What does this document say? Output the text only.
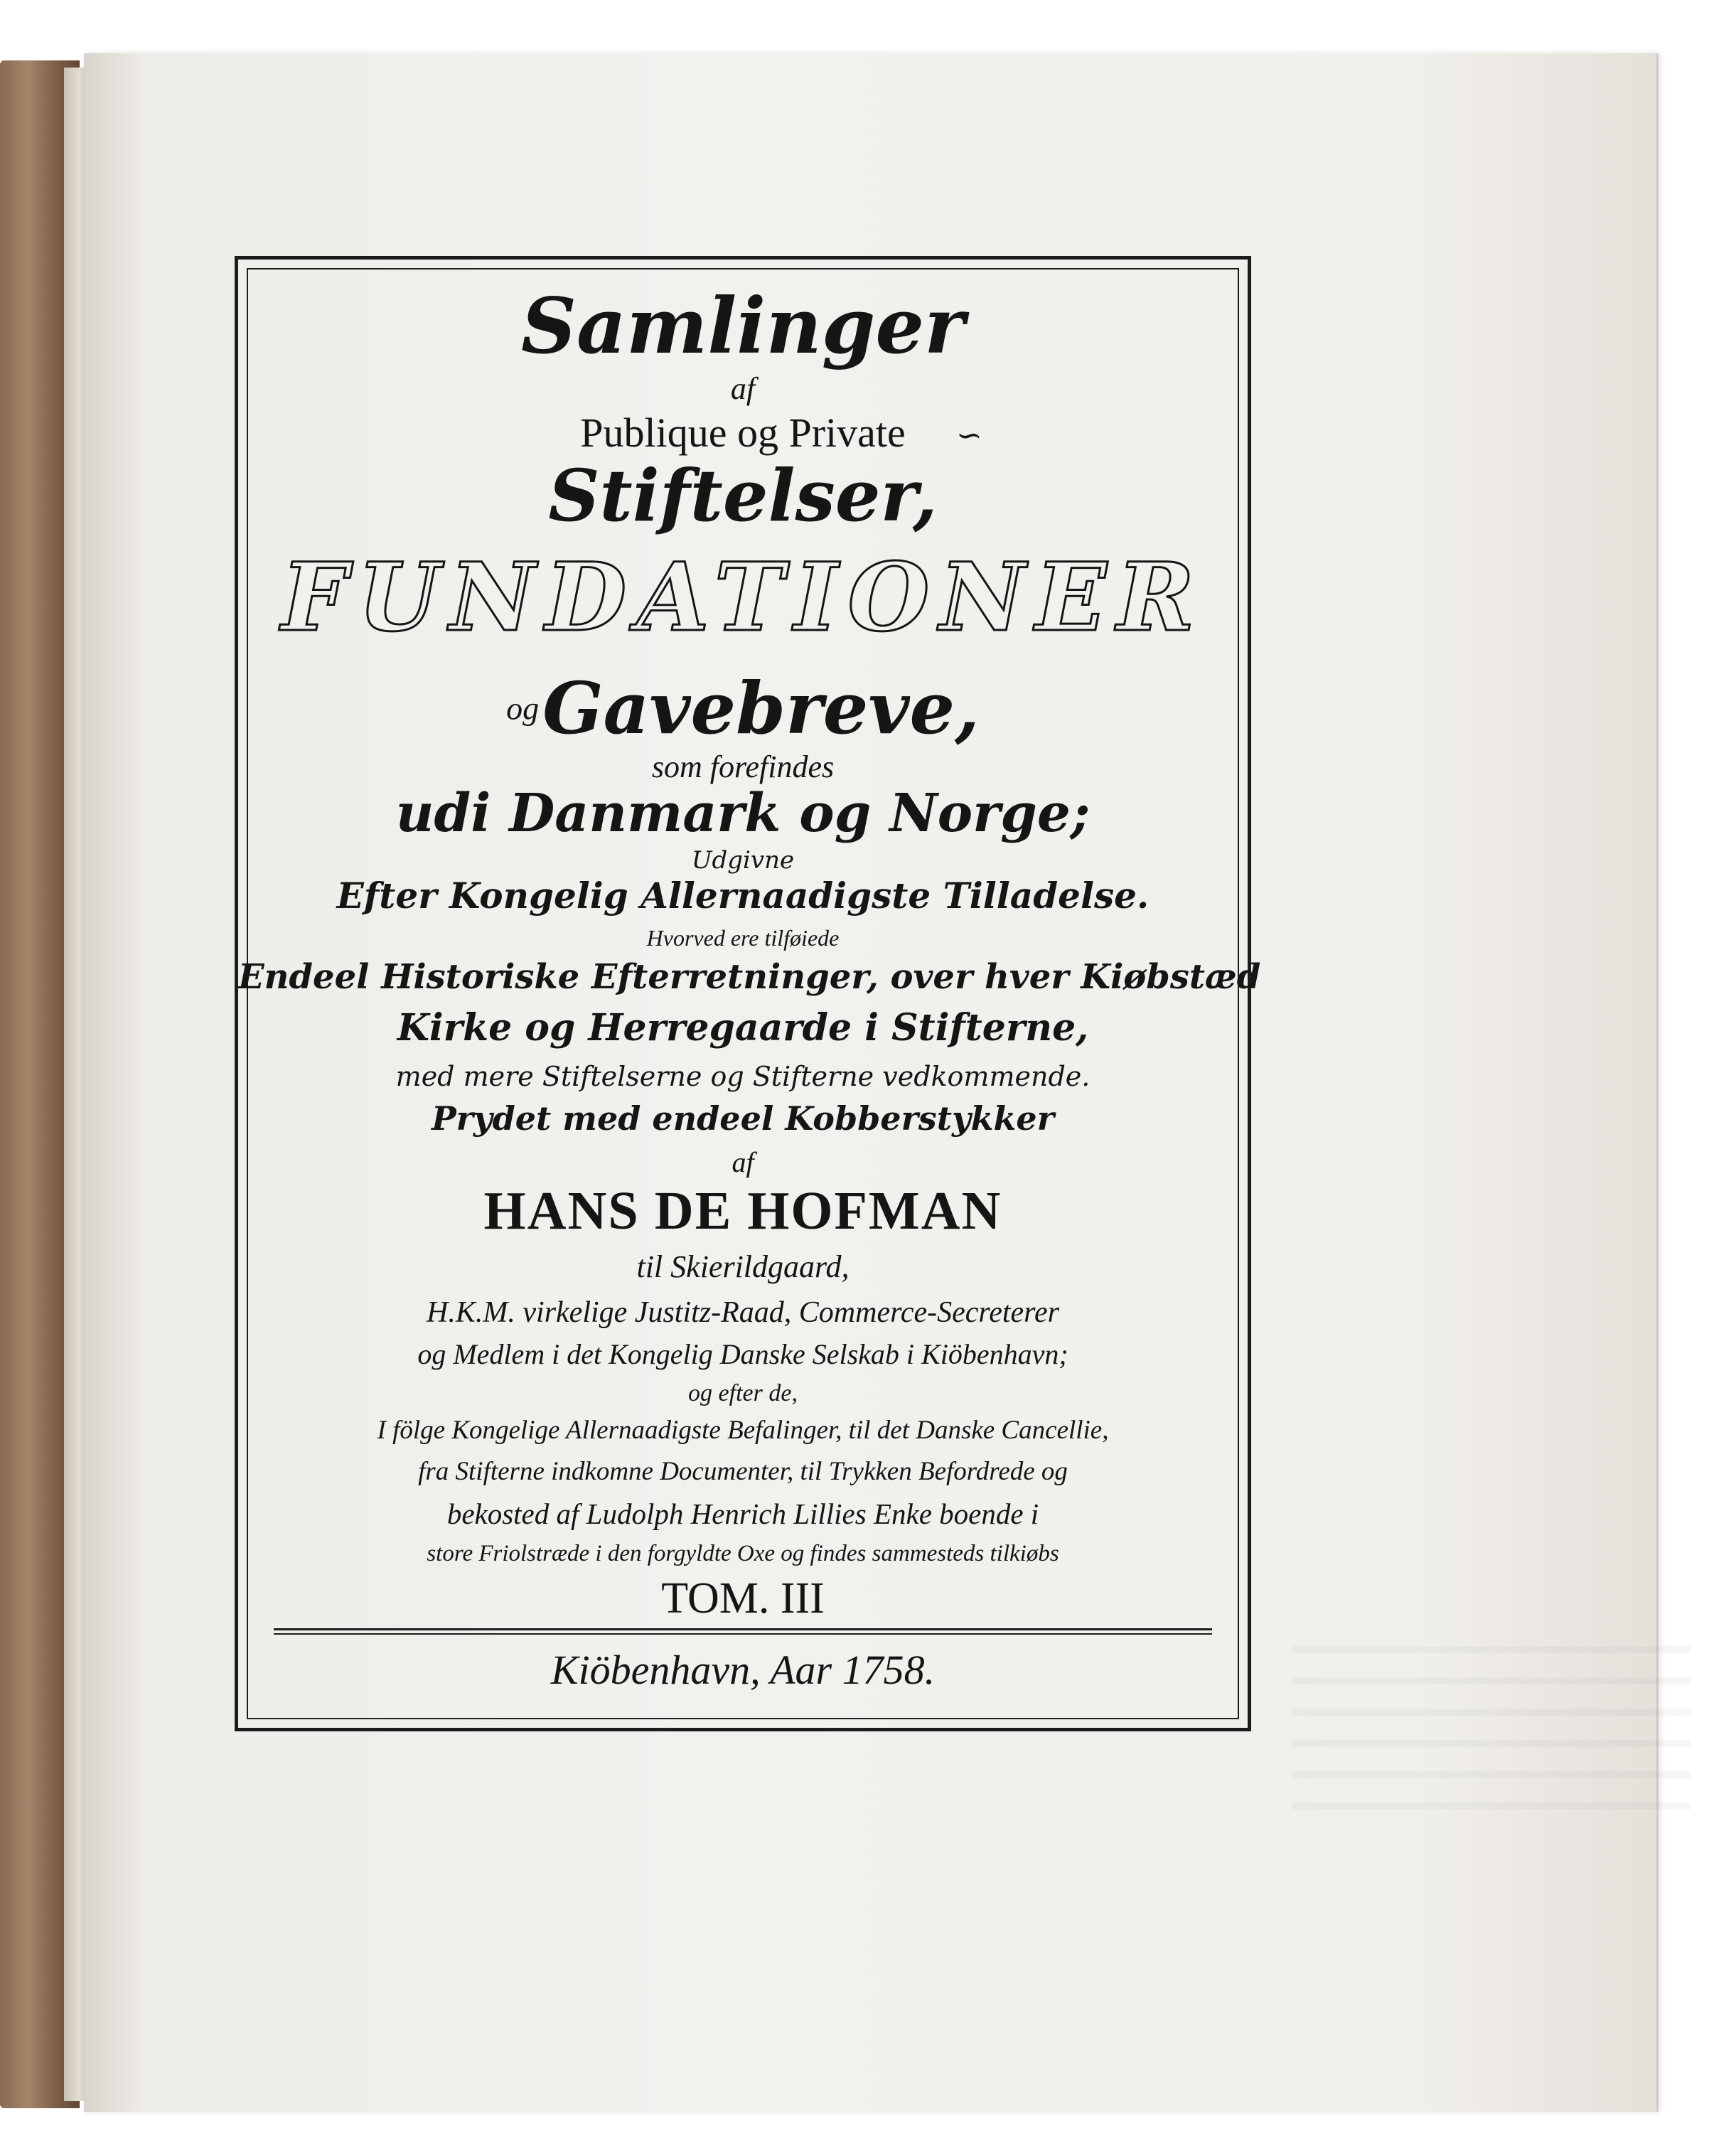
Samlinger
af
Publique og Private	∽
Stiftelser,
FUNDATIONER
og Gavebreve,
som forefindes
udi Danmark og Norge;
Udgivne
Efter Kongelig Allernaadigste Tilladelse.
Hvorved ere tilføiede
Endeel Historiske Efterretninger, over hver Kiøbstæd
Kirke og Herregaarde i Stifterne,
med mere Stiftelserne og Stifterne vedkommende.
Prydet med endeel Kobberstykker
af
HANS DE HOFMAN
til Skierildgaard,
H.K.M. virkelige Justitz-Raad, Commerce-Secreterer
og Medlem i det Kongelig Danske Selskab i Kiöbenhavn;
og efter de,
I fölge Kongelige Allernaadigste Befalinger, til det Danske Cancellie,
fra Stifterne indkomne Documenter, til Trykken Befordrede og
bekosted af Ludolph Henrich Lillies Enke boende i
store Friolstræde i den forgyldte Oxe og findes sammesteds tilkiøbs
TOM. III
Kiöbenhavn, Aar 1758.
